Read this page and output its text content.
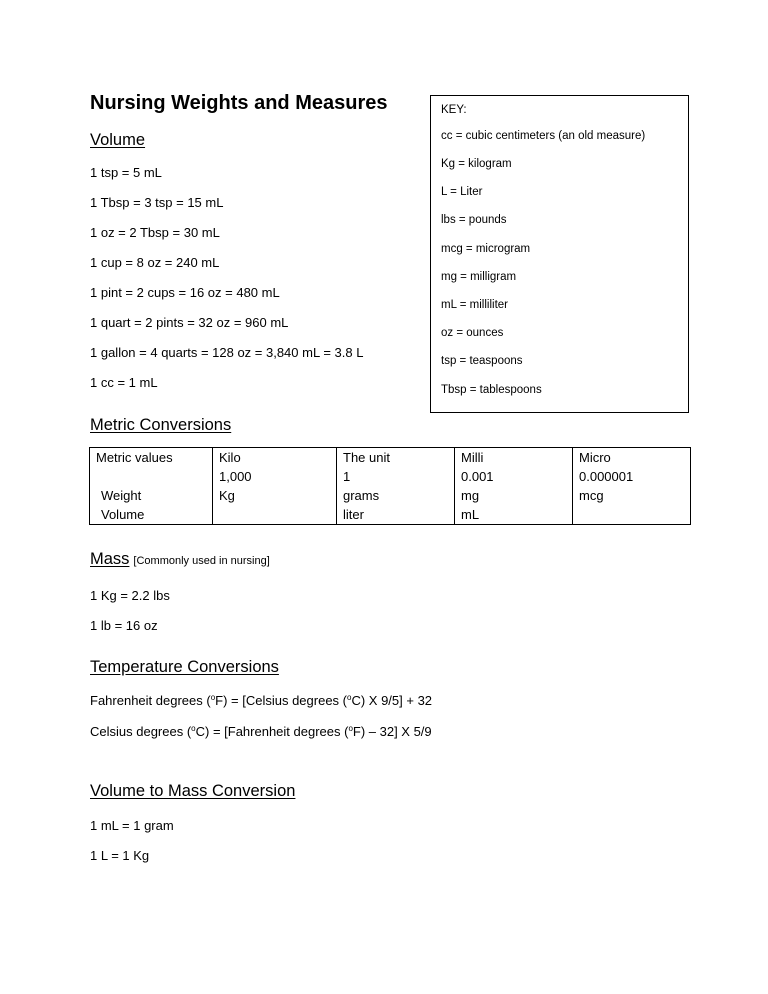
Nursing Weights and Measures
Volume
1 tsp = 5 mL
1 Tbsp = 3 tsp = 15 mL
1 oz = 2 Tbsp = 30 mL
1 cup = 8 oz = 240 mL
1 pint = 2 cups = 16 oz = 480 mL
1 quart = 2 pints = 32 oz = 960 mL
1 gallon = 4 quarts = 128 oz = 3,840 mL = 3.8 L
1 cc = 1 mL
KEY:
cc = cubic centimeters (an old measure)
Kg = kilogram
L = Liter
lbs = pounds
mcg = microgram
mg = milligram
mL = milliliter
oz = ounces
tsp = teaspoons
Tbsp = tablespoons
Metric Conversions
Metric values	Kilo	The unit	Milli	Micro
	1,000	1	0.001	0.000001
Weight	Kg	grams	mg	mcg
Volume		liter	mL	
Mass [Commonly used in nursing]
1 Kg = 2.2 lbs
1 lb = 16 oz
Temperature Conversions
Fahrenheit degrees ($^o$F) = [Celsius degrees ($^o$C) X 9/5] + 32
Celsius degrees ($^o$C) = [Fahrenheit degrees ($^o$F) – 32] X 5/9
Volume to Mass Conversion
1 mL = 1 gram
1 L = 1 Kg
